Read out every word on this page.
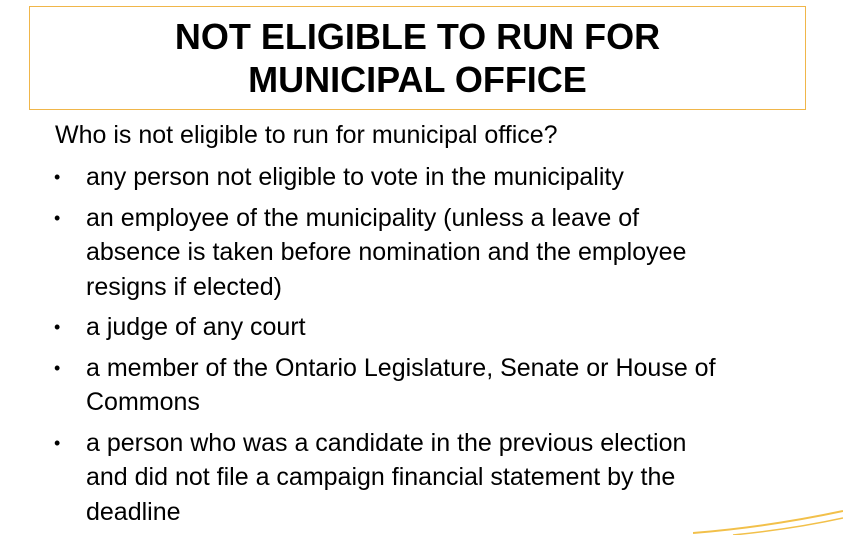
NOT ELIGIBLE TO RUN FOR
MUNICIPAL OFFICE
Who is not eligible to run for municipal office?
• any person not eligible to vote in the municipality
• an employee of the municipality (unless a leave of
absence is taken before nomination and the employee
resigns if elected)
• a judge of any court
• a member of the Ontario Legislature, Senate or House of
Commons
• a person who was a candidate in the previous election
and did not file a campaign financial statement by the
deadline
